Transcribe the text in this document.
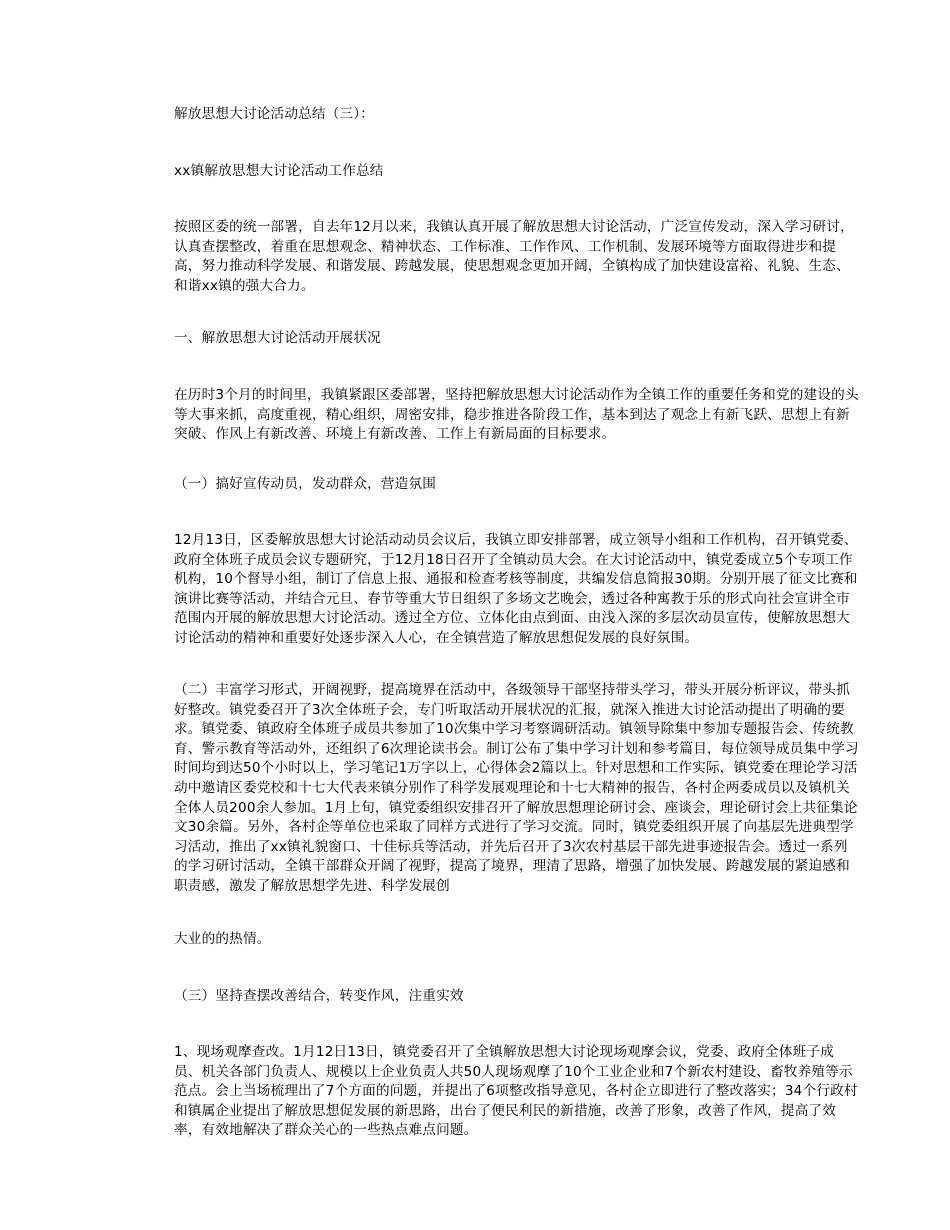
解放思想大讨论活动总结（三）：

xx镇解放思想大讨论活动工作总结

按照区委的统一部署，自去年12月以来，我镇认真开展了解放思想大讨论活动，广泛宣传发动，深入学习研讨，认真查摆整改，着重在思想观念、精神状态、工作标准、工作作风、工作机制、发展环境等方面取得进步和提高，努力推动科学发展、和谐发展、跨越发展，使思想观念更加开阔，全镇构成了加快建设富裕、礼貌、生态、和谐xx镇的强大合力。

一、解放思想大讨论活动开展状况

在历时3个月的时间里，我镇紧跟区委部署，坚持把解放思想大讨论活动作为全镇工作的重要任务和党的建设的头等大事来抓，高度重视，精心组织，周密安排，稳步推进各阶段工作，基本到达了观念上有新飞跃、思想上有新突破、作风上有新改善、环境上有新改善、工作上有新局面的目标要求。

（一）搞好宣传动员，发动群众，营造氛围

12月13日，区委解放思想大讨论活动动员会议后，我镇立即安排部署，成立领导小组和工作机构，召开镇党委、政府全体班子成员会议专题研究，于12月18日召开了全镇动员大会。在大讨论活动中，镇党委成立5个专项工作机构，10个督导小组，制订了信息上报、通报和检查考核等制度，共编发信息简报30期。分别开展了征文比赛和演讲比赛等活动，并结合元旦、春节等重大节日组织了多场文艺晚会，透过各种寓教于乐的形式向社会宣讲全市范围内开展的解放思想大讨论活动。透过全方位、立体化由点到面、由浅入深的多层次动员宣传，使解放思想大讨论活动的精神和重要好处逐步深入人心，在全镇营造了解放思想促发展的良好氛围。

（二）丰富学习形式，开阔视野，提高境界在活动中，各级领导干部坚持带头学习，带头开展分析评议，带头抓好整改。镇党委召开了3次全体班子会，专门听取活动开展状况的汇报，就深入推进大讨论活动提出了明确的要求。镇党委、镇政府全体班子成员共参加了10次集中学习考察调研活动。镇领导除集中参加专题报告会、传统教育、警示教育等活动外，还组织了6次理论读书会。制订公布了集中学习计划和参考篇目，每位领导成员集中学习时间均到达50个小时以上，学习笔记1万字以上，心得体会2篇以上。针对思想和工作实际，镇党委在理论学习活动中邀请区委党校和十七大代表来镇分别作了科学发展观理论和十七大精神的报告，各村企两委成员以及镇机关全体人员200余人参加。1月上旬，镇党委组织安排召开了解放思想理论研讨会、座谈会，理论研讨会上共征集论文30余篇。另外，各村企等单位也采取了同样方式进行了学习交流。同时，镇党委组织开展了向基层先进典型学习活动，推出了xx镇礼貌窗口、十佳标兵等活动，并先后召开了3次农村基层干部先进事迹报告会。透过一系列的学习研讨活动，全镇干部群众开阔了视野，提高了境界，理清了思路，增强了加快发展、跨越发展的紧迫感和职责感，激发了解放思想学先进、科学发展创

大业的的热情。

（三）坚持查摆改善结合，转变作风，注重实效

1、现场观摩查改。1月12日13日，镇党委召开了全镇解放思想大讨论现场观摩会议，党委、政府全体班子成员、机关各部门负责人、规模以上企业负责人共50人现场观摩了10个工业企业和7个新农村建设、畜牧养殖等示范点。会上当场梳理出了7个方面的问题，并提出了6项整改指导意见，各村企立即进行了整改落实；34个行政村和镇属企业提出了解放思想促发展的新思路，出台了便民利民的新措施，改善了形象，改善了作风，提高了效率，有效地解决了群众关心的一些热点难点问题。
